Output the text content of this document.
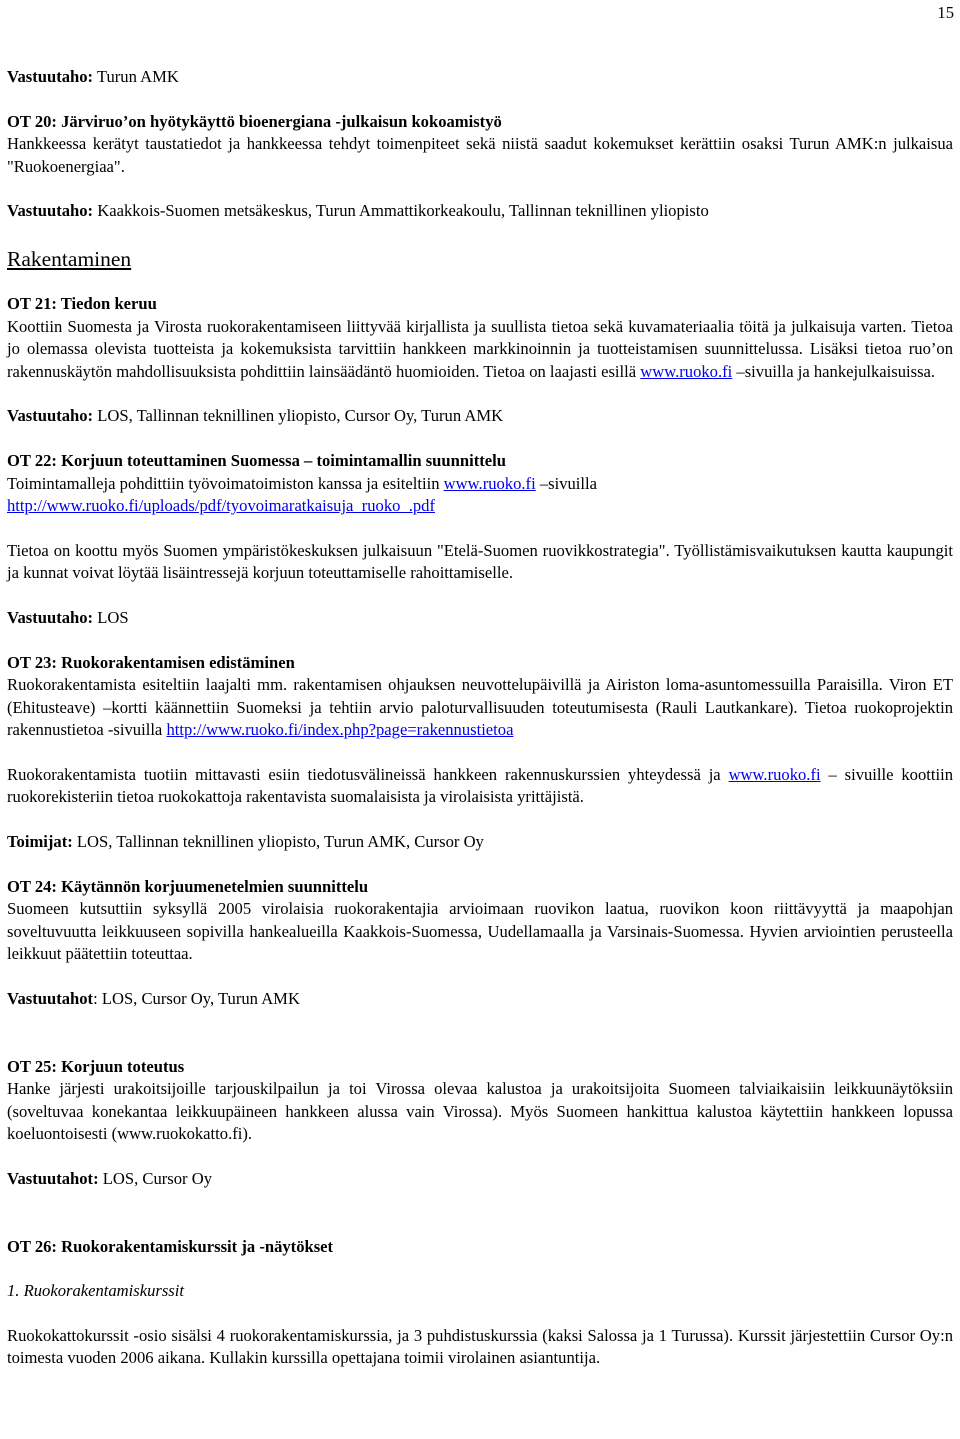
15

Vastuutaho: Turun AMK

OT 20: Järviruo’on hyötykäyttö bioenergiana -julkaisun kokoamistyö

Hankkeessa kerätyt taustatiedot ja hankkeessa tehdyt toimenpiteet sekä niistä saadut kokemukset kerättiin osaksi Turun AMK:n julkaisua "Ruokoenergiaa".

Vastuutaho: Kaakkois-Suomen metsäkeskus, Turun Ammattikorkeakoulu, Tallinnan teknillinen yliopisto

Rakentaminen

OT 21: Tiedon keruu

Koottiin Suomesta ja Virosta ruokorakentamiseen liittyvää kirjallista ja suullista tietoa sekä kuvamateriaalia töitä ja julkaisuja varten. Tietoa jo olemassa olevista tuotteista ja kokemuksista tarvittiin hankkeen markkinoinnin ja tuotteistamisen suunnittelussa. Lisäksi tietoa ruo’on rakennuskäytön mahdollisuuksista pohdittiin lainsäädäntö huomioiden. Tietoa on laajasti esillä www.ruoko.fi –sivuilla ja hankejulkaisuissa.

Vastuutaho: LOS, Tallinnan teknillinen yliopisto, Cursor Oy, Turun AMK

OT 22: Korjuun toteuttaminen Suomessa – toimintamallin suunnittelu

Toimintamalleja pohdittiin työvoimatoimiston kanssa ja esiteltiin www.ruoko.fi –sivuilla
http://www.ruoko.fi/uploads/pdf/tyovoimaratkaisuja_ruoko_.pdf

Tietoa on koottu myös Suomen ympäristökeskuksen julkaisuun "Etelä-Suomen ruovikkostrategia". Työllistämisvaikutuksen kautta kaupungit ja kunnat voivat löytää lisäintressejä korjuun toteuttamiselle rahoittamiselle.

Vastuutaho: LOS

OT 23: Ruokorakentamisen edistäminen

Ruokorakentamista esiteltiin laajalti mm. rakentamisen ohjauksen neuvottelupäivillä ja Airiston loma-asuntomessuilla Paraisilla. Viron ET (Ehitusteave) –kortti käännettiin Suomeksi ja tehtiin arvio paloturvallisuuden toteutumisesta (Rauli Lautkankare). Tietoa ruokoprojektin rakennustietoa -sivuilla http://www.ruoko.fi/index.php?page=rakennustietoa

Ruokorakentamista tuotiin mittavasti esiin tiedotusvälineissä hankkeen rakennuskurssien yhteydessä ja www.ruoko.fi – sivuille koottiin ruokorekisteriin tietoa ruokokattoja rakentavista suomalaisista ja virolaisista yrittäjistä.

Toimijat: LOS, Tallinnan teknillinen yliopisto, Turun AMK, Cursor Oy

OT 24: Käytännön korjuumenetelmien suunnittelu

Suomeen kutsuttiin syksyllä 2005 virolaisia ruokorakentajia arvioimaan ruovikon laatua, ruovikon koon riittävyyttä ja maapohjan soveltuvuutta leikkuuseen sopivilla hankealueilla Kaakkois-Suomessa, Uudellamaalla ja Varsinais-Suomessa. Hyvien arviointien perusteella leikkuut päätettiin toteuttaa.

Vastuutahot: LOS, Cursor Oy, Turun AMK

OT 25: Korjuun toteutus

Hanke järjesti urakoitsijoille tarjouskilpailun ja toi Virossa olevaa kalustoa ja urakoitsijoita Suomeen talviaikaisiin leikkuunäytöksiin (soveltuvaa konekantaa leikkuupäineen hankkeen alussa vain Virossa). Myös Suomeen hankittua kalustoa käytettiin hankkeen lopussa koeluontoisesti (www.ruokokatto.fi).

Vastuutahot: LOS, Cursor Oy

OT 26: Ruokorakentamiskurssit ja -näytökset

1. Ruokorakentamiskurssit

Ruokokattokurssit -osio sisälsi 4 ruokorakentamiskurssia, ja 3 puhdistuskurssia (kaksi Salossa ja 1 Turussa). Kurssit järjestettiin Cursor Oy:n toimesta vuoden 2006 aikana. Kullakin kurssilla opettajana toimii virolainen asiantuntija.
